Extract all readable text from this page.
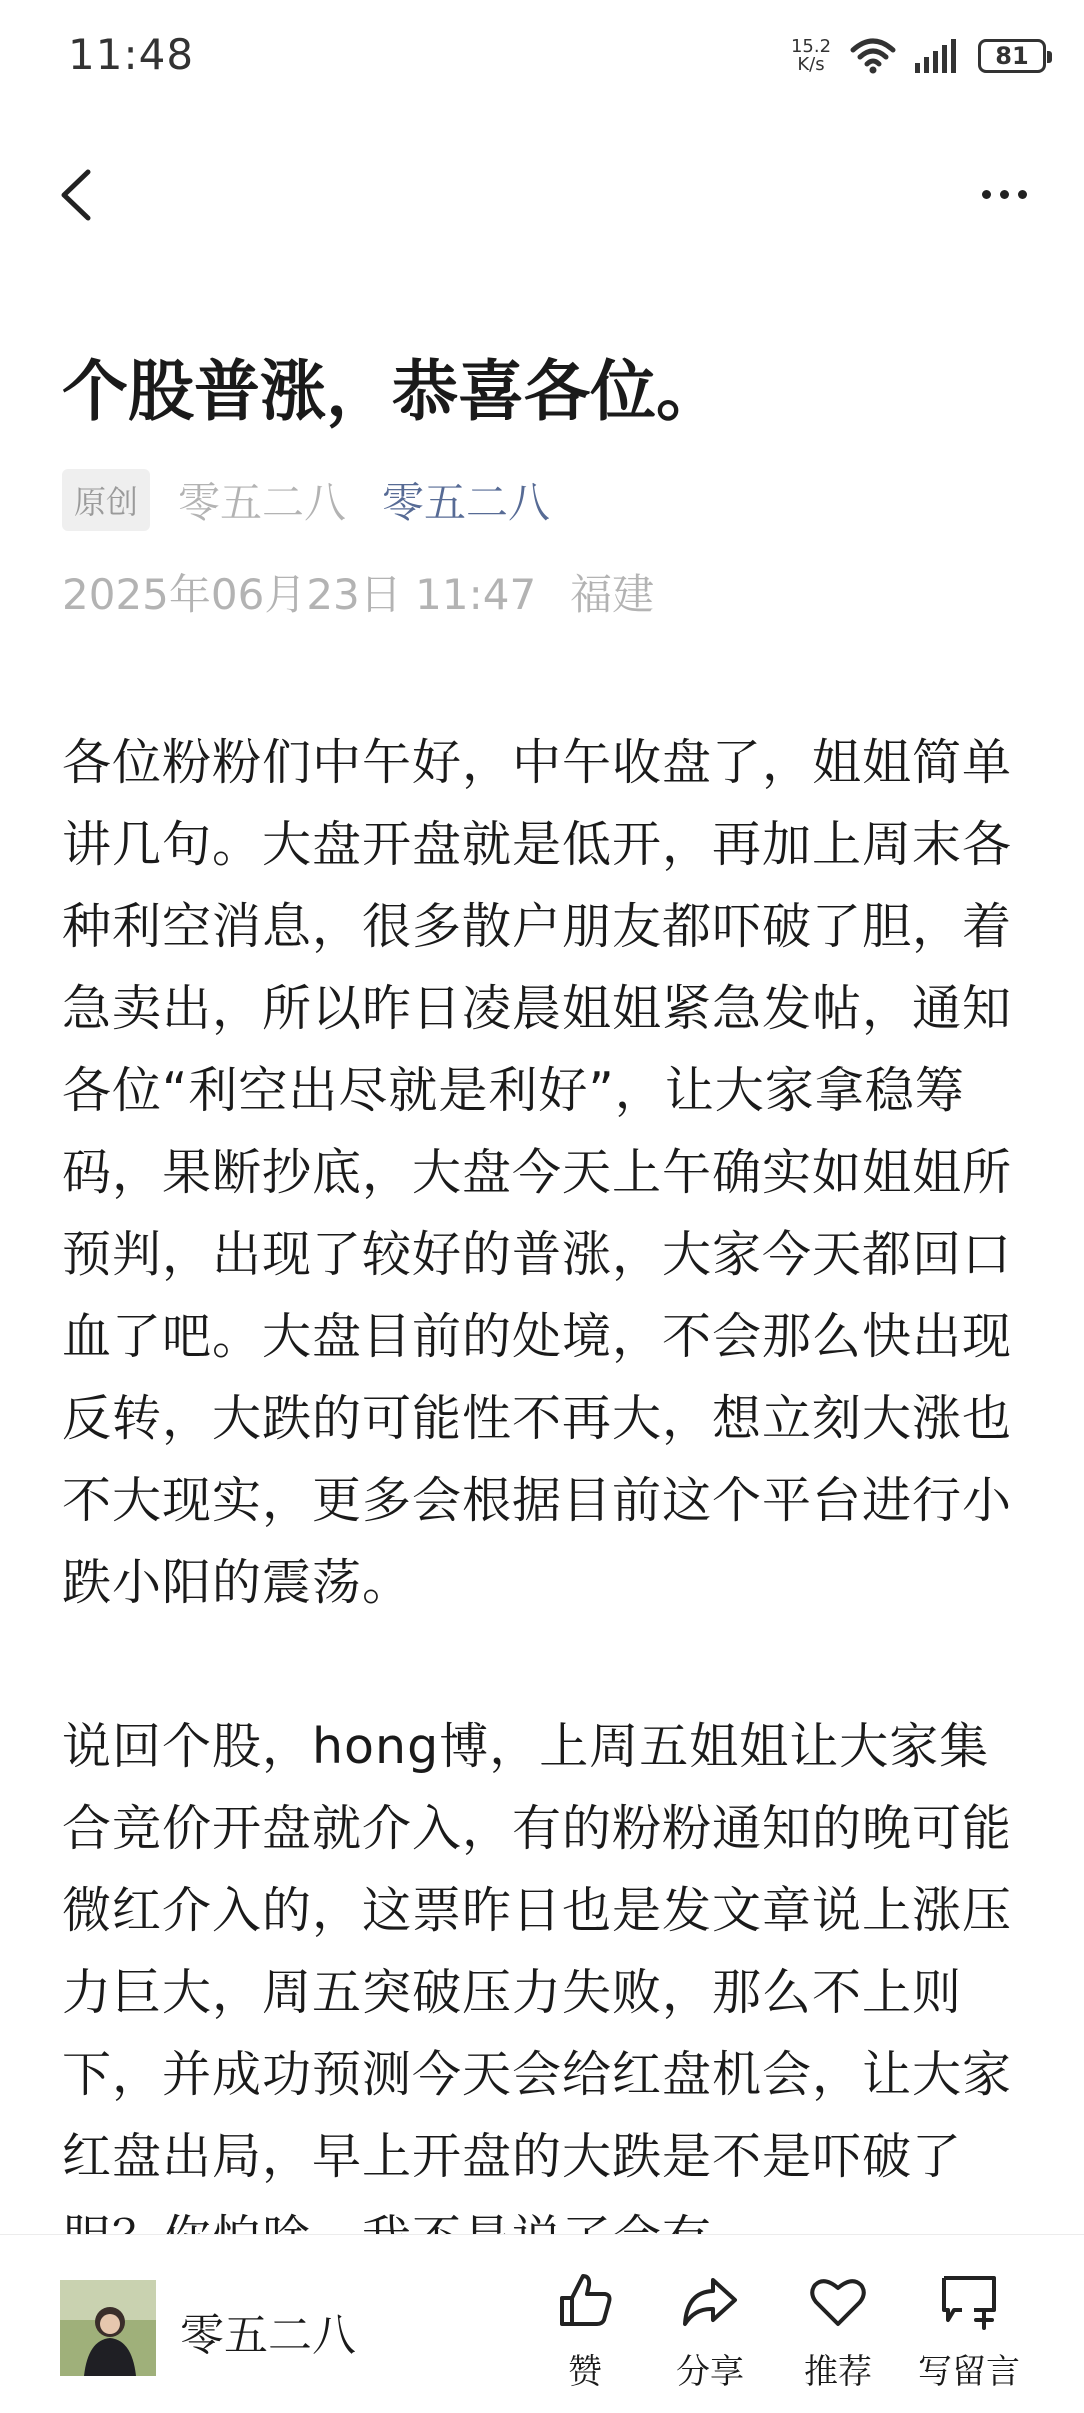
11:48	15.2
K/s	81
个股普涨，恭喜各位。
原创 零五二八 零五二八
2025年06月23日 11:47 福建

各位粉粉们中午好，中午收盘了，姐姐简单讲几句。大盘开盘就是低开，再加上周末各种利空消息，很多散户朋友都吓破了胆，着急卖出，所以昨日凌晨姐姐紧急发帖，通知各位“利空出尽就是利好”，让大家拿稳筹码，果断抄底，大盘今天上午确实如姐姐所预判，出现了较好的普涨，大家今天都回口血了吧。大盘目前的处境，不会那么快出现反转，大跌的可能性不再大，想立刻大涨也不大现实，更多会根据目前这个平台进行小跌小阳的震荡。

说回个股，hong博，上周五姐姐让大家集合竞价开盘就介入，有的粉粉通知的晚可能微红介入的，这票昨日也是发文章说上涨压力巨大，周五突破压力失败，那么不上则下，并成功预测今天会给红盘机会，让大家红盘出局，早上开盘的大跌是不是吓破了

零五二八
赞 分享 推荐 写留言
